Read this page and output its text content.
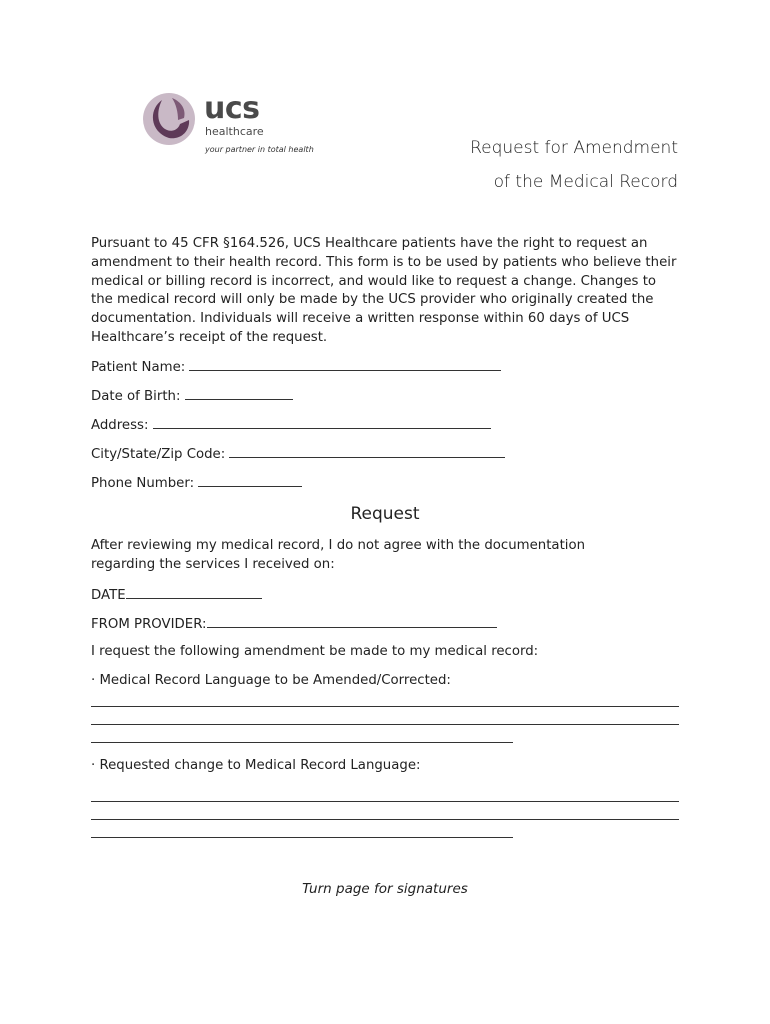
ucs
healthcare
your partner in total health	Request for Amendment
of the Medical Record
Pursuant to 45 CFR §164.526, UCS Healthcare patients have the right to request an amendment to their health record. This form is to be used by patients who believe their medical or billing record is incorrect, and would like to request a change. Changes to the medical record will only be made by the UCS provider who originally created the documentation. Individuals will receive a written response within 60 days of UCS Healthcare’s receipt of the request.
Patient Name:
Date of Birth:
Address:
City/State/Zip Code:
Phone Number:
Request
After reviewing my medical record, I do not agree with the documentation regarding the services I received on:
DATE
FROM PROVIDER:
I request the following amendment be made to my medical record:
· Medical Record Language to be Amended/Corrected:
· Requested change to Medical Record Language:
Turn page for signatures
